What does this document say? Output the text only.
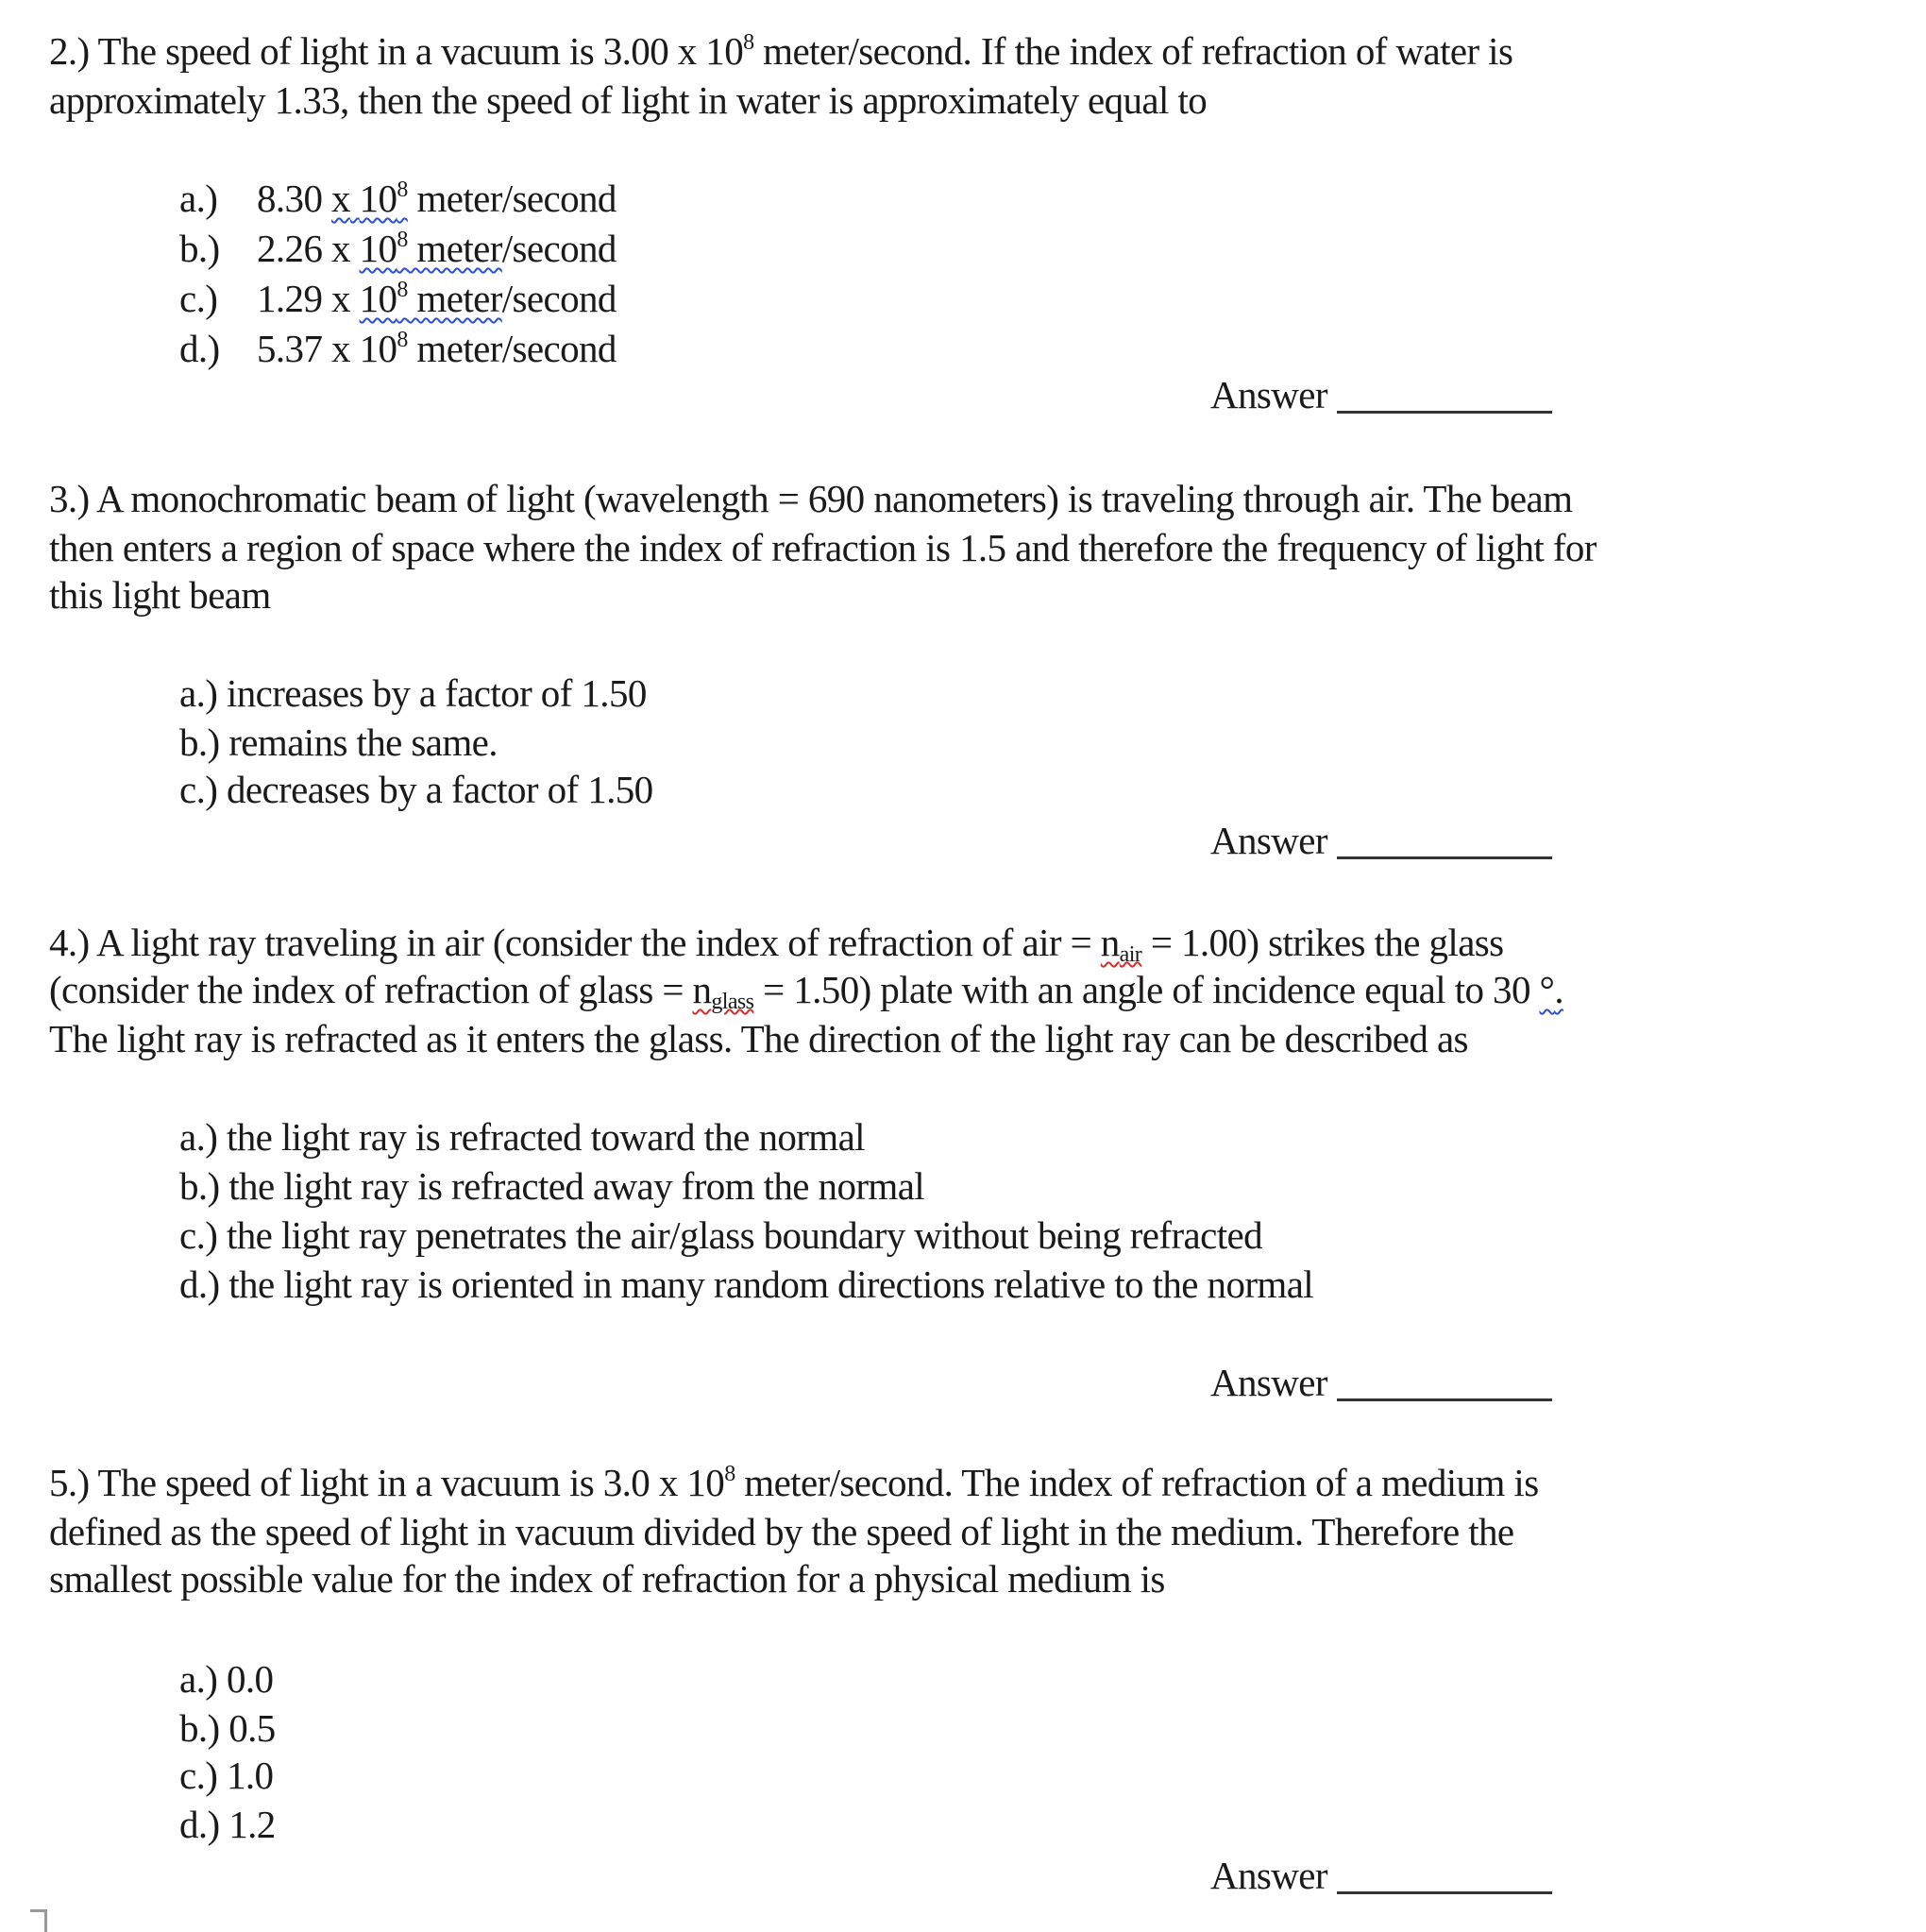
2.) The speed of light in a vacuum is 3.00 x $10^8$ meter/second. If the index of refraction of water is
approximately 1.33, then the speed of light in water is approximately equal to
a.) 8.30 x $10^8$ meter/second
b.) 2.26 x $10^8$ meter/second
c.) 1.29 x $10^8$ meter/second
d.) 5.37 x $10^8$ meter/second
Answer
3.) A monochromatic beam of light (wavelength = 690 nanometers) is traveling through air. The beam
then enters a region of space where the index of refraction is 1.5 and therefore the frequency of light for
this light beam
a.) increases by a factor of 1.50
b.) remains the same.
c.) decreases by a factor of 1.50
Answer
4.) A light ray traveling in air (consider the index of refraction of air = $n_{air} = 1.00$) strikes the glass
(consider the index of refraction of glass = $n_{glass} = 1.50$) plate with an angle of incidence equal to 30 °.
The light ray is refracted as it enters the glass. The direction of the light ray can be described as
a.) the light ray is refracted toward the normal
b.) the light ray is refracted away from the normal
c.) the light ray penetrates the air/glass boundary without being refracted
d.) the light ray is oriented in many random directions relative to the normal
Answer
5.) The speed of light in a vacuum is 3.0 x $10^8$ meter/second. The index of refraction of a medium is
defined as the speed of light in vacuum divided by the speed of light in the medium. Therefore the
smallest possible value for the index of refraction for a physical medium is
a.) 0.0
b.) 0.5
c.) 1.0
d.) 1.2
Answer
